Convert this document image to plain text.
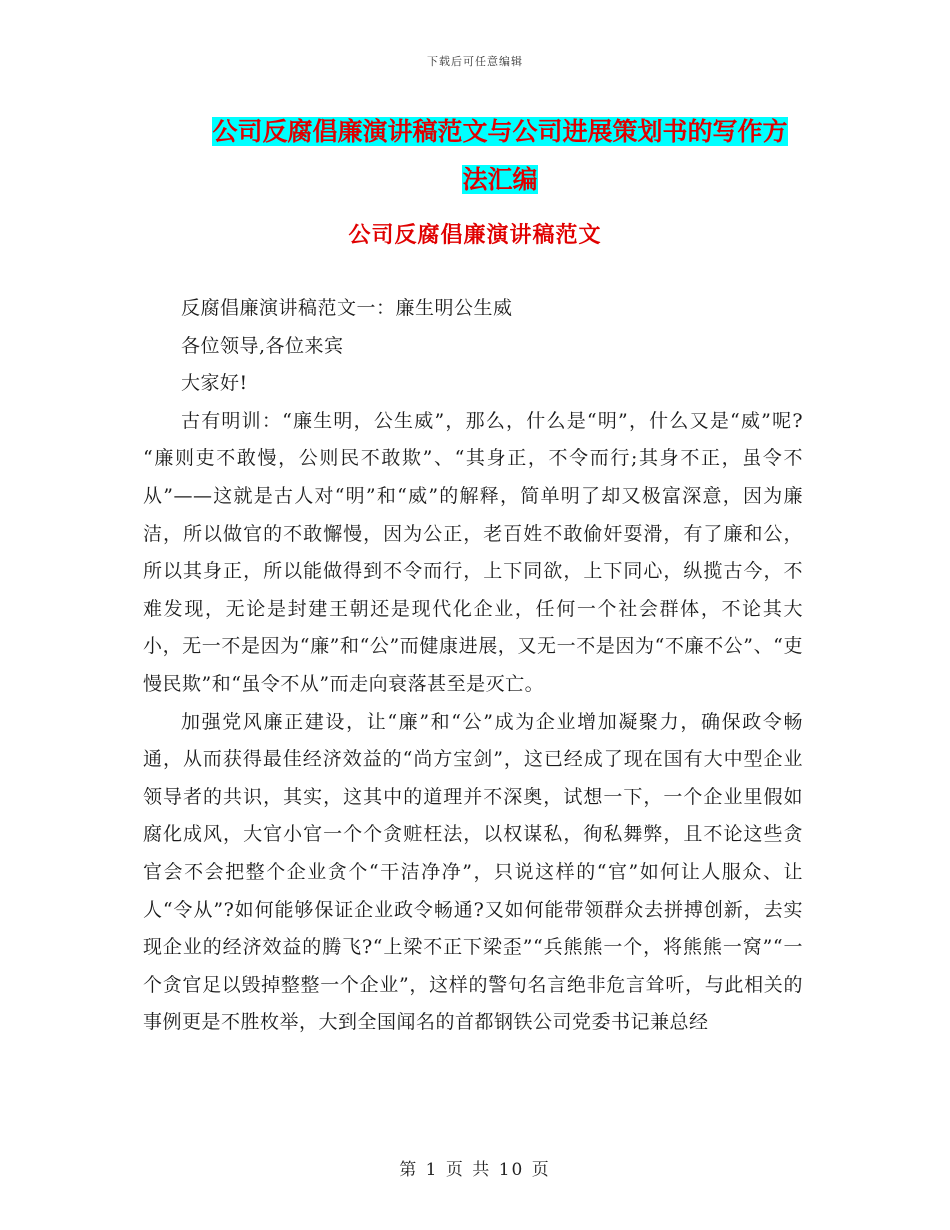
下载后可任意编辑
公司反腐倡廉演讲稿范文与公司进展策划书的写作方
法汇编
公司反腐倡廉演讲稿范文

反腐倡廉演讲稿范文一：廉生明公生威

各位领导,各位来宾

大家好!

古有明训：“廉生明，公生威”，那么，什么是“明”，什么又是“威”呢? “廉则吏不敢慢，公则民不敢欺”、“其身正，不令而行;其身不正，虽令不从”——这就是古人对“明”和“威”的解释，简单明了却又极富深意，因为廉洁，所以做官的不敢懈慢，因为公正，老百姓不敢偷奸耍滑，有了廉和公，所以其身正，所以能做得到不令而行，上下同欲，上下同心，纵揽古今，不难发现，无论是封建王朝还是现代化企业，任何一个社会群体，不论其大小，无一不是因为“廉”和“公”而健康进展，又无一不是因为“不廉不公”、“吏慢民欺”和“虽令不从”而走向衰落甚至是灭亡。

加强党风廉正建设，让“廉”和“公”成为企业增加凝聚力，确保政令畅通，从而获得最佳经济效益的“尚方宝剑”，这已经成了现在国有大中型企业领导者的共识，其实，这其中的道理并不深奥，试想一下，一个企业里假如腐化成风，大官小官一个个贪赃枉法，以权谋私，徇私舞弊，且不论这些贪官会不会把整个企业贪个“干洁净净”，只说这样的“官”如何让人服众、让人“令从”?如何能够保证企业政令畅通?又如何能带领群众去拼搏创新，去实现企业的经济效益的腾飞?“上梁不正下梁歪”“兵熊熊一个，将熊熊一窝”“一个贪官足以毁掉整整一个企业”，这样的警句名言绝非危言耸听，与此相关的事例更是不胜枚举，大到全国闻名的首都钢铁公司党委书记兼总经

第 1 页 共 10 页
